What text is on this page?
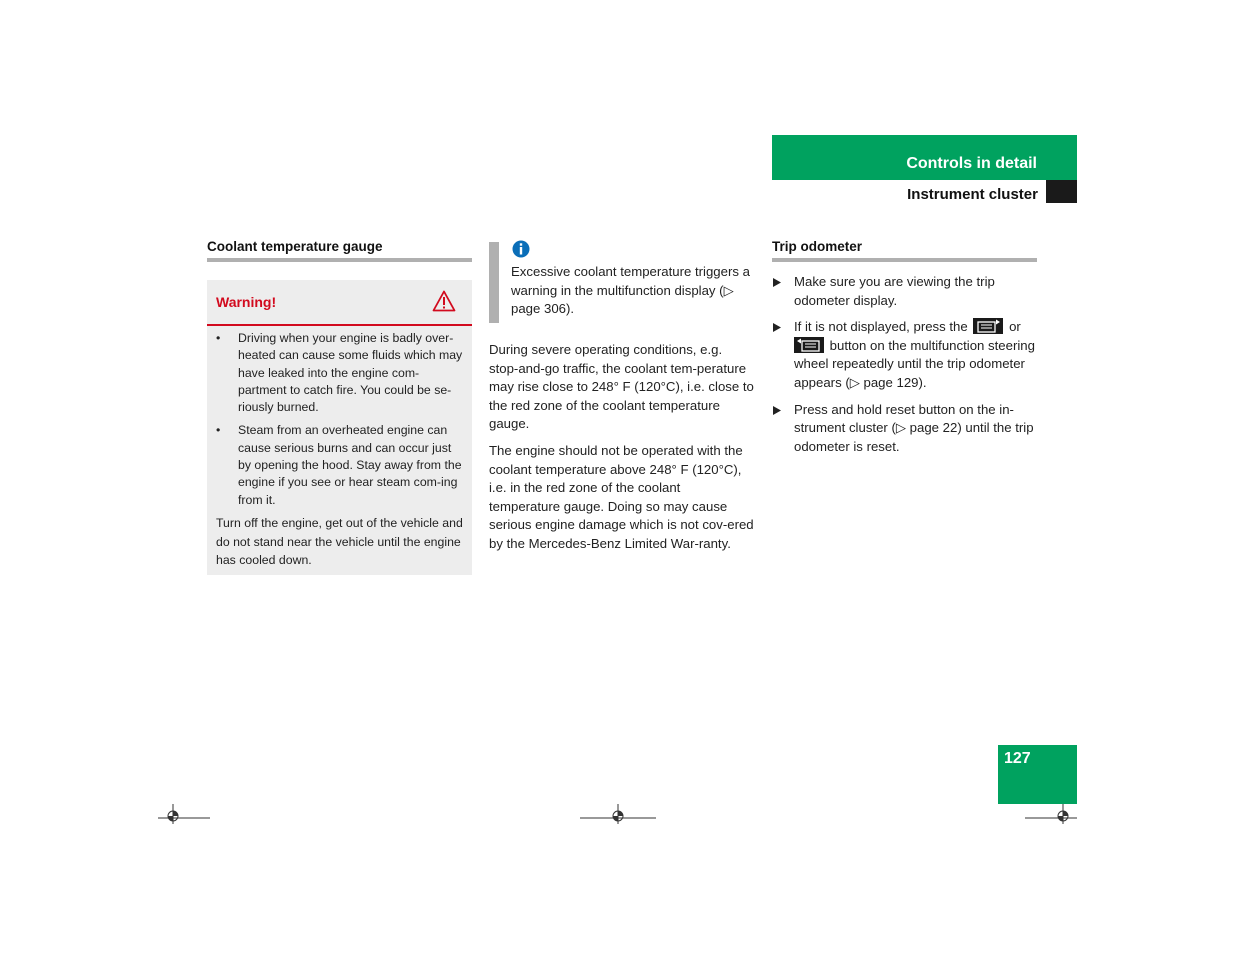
Controls in detail
Instrument cluster
Coolant temperature gauge
Warning!
• Driving when your engine is badly over-heated can cause some fluids which may have leaked into the engine com-partment to catch fire. You could be se-riously burned.
• Steam from an overheated engine can cause serious burns and can occur just by opening the hood. Stay away from the engine if you see or hear steam com-ing from it.
Turn off the engine, get out of the vehicle and do not stand near the vehicle until the engine has cooled down.
Excessive coolant temperature triggers a warning in the multifunction display (▷ page 306).

During severe operating conditions, e.g. stop-and-go traffic, the coolant tem-perature may rise close to 248° F (120°C), i.e. close to the red zone of the coolant temperature gauge.

The engine should not be operated with the coolant temperature above 248° F (120°C), i.e. in the red zone of the coolant temperature gauge. Doing so may cause serious engine damage which is not cov-ered by the Mercedes-Benz Limited War-ranty.

Trip odometer
Make sure you are viewing the trip odometer display.
If it is not displayed, press the	or
button on the multifunction steering wheel repeatedly until the trip odometer appears (▷ page 129).
Press and hold reset button on the in-strument cluster (▷ page 22) until the trip odometer is reset.
127
